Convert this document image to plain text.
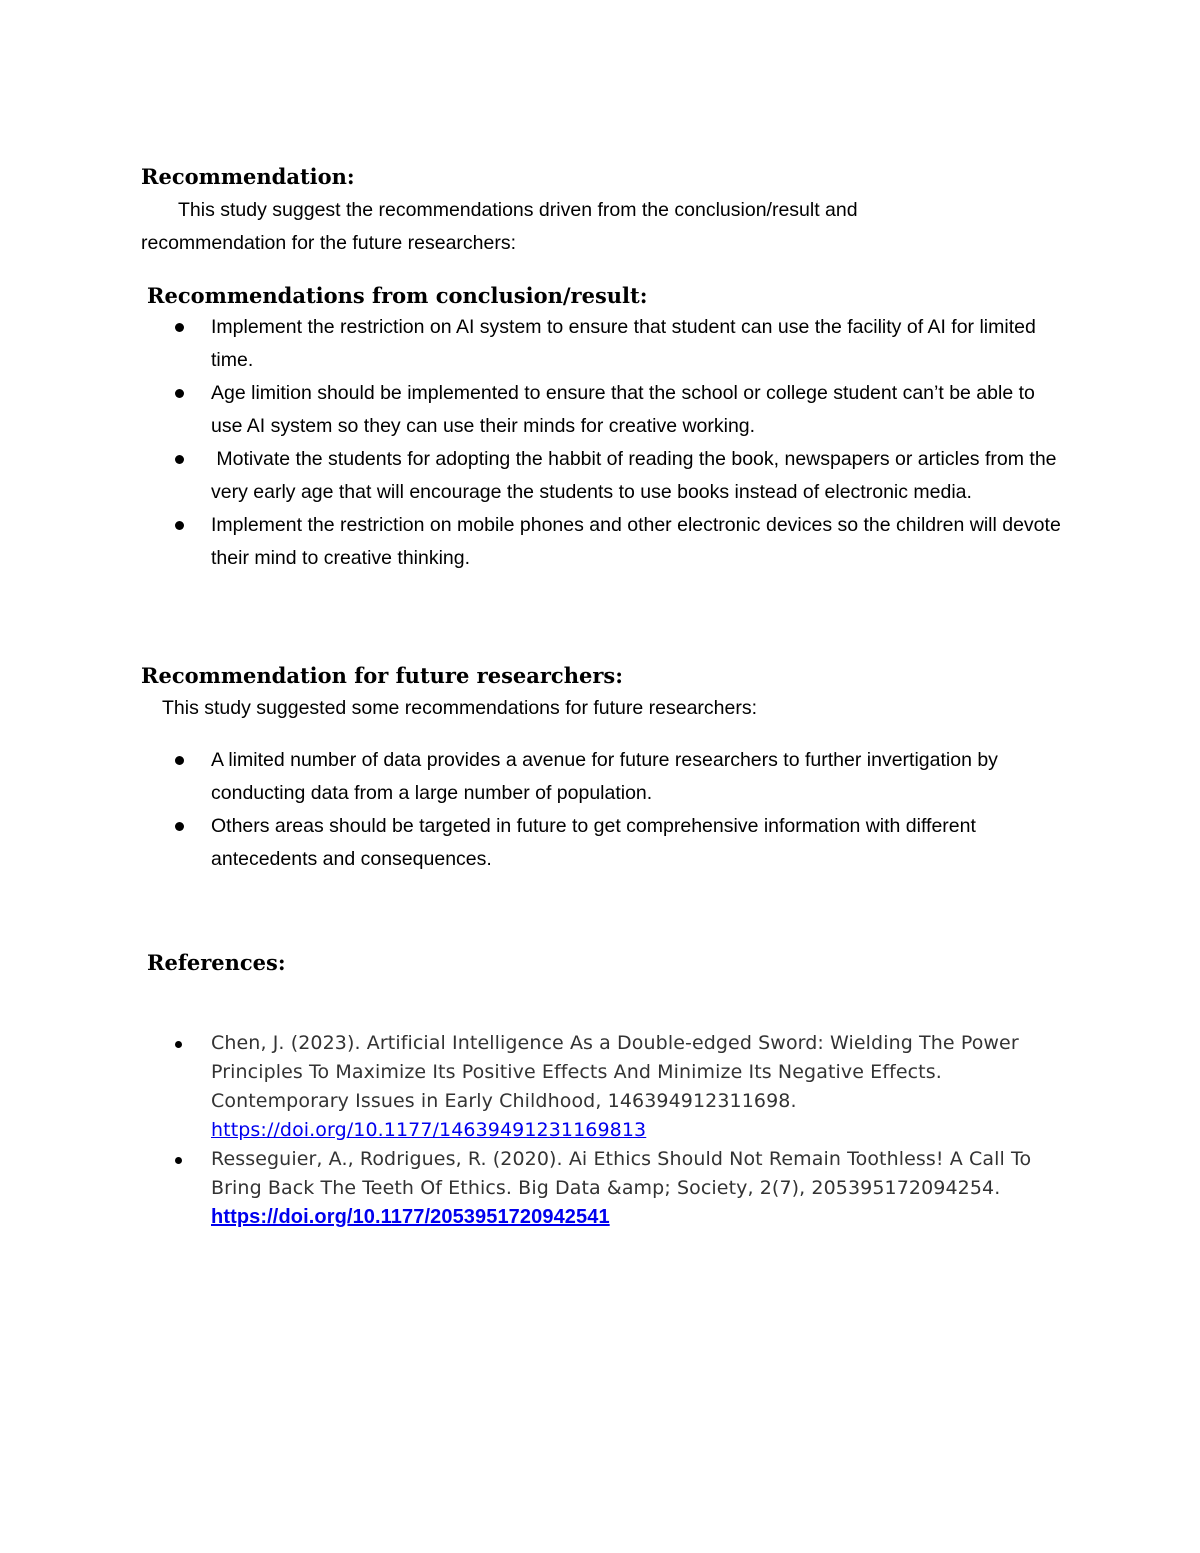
Recommendation:
This study suggest the recommendations driven from the conclusion/result and
recommendation for the future researchers:
Recommendations from conclusion/result:
Implement the restriction on AI system to ensure that student can use the facility of AI for limited time.
Age limition should be implemented to ensure that the school or college student can’t be able to use AI system so they can use their minds for creative working.
Motivate the students for adopting the habbit of reading the book, newspapers or articles from the very early age that will encourage the students to use books instead of electronic media.
Implement the restriction on mobile phones and other electronic devices so the children will devote their mind to creative thinking.
Recommendation for future researchers:
This study suggested some recommendations for future researchers:
A limited number of data provides a avenue for future researchers to further invertigation by conducting data from a large number of population.
Others areas should be targeted in future to get comprehensive information with different antecedents and consequences.
References:
Chen, J. (2023). Artificial Intelligence As a Double-edged Sword: Wielding The Power Principles To Maximize Its Positive Effects And Minimize Its Negative Effects. Contemporary Issues in Early Childhood, 146394912311698.
https://doi.org/10.1177/14639491231169813
Resseguier, A., Rodrigues, R. (2020). Ai Ethics Should Not Remain Toothless! A Call To Bring Back The Teeth Of Ethics. Big Data &amp; Society, 2(7), 205395172094254.
https://doi.org/10.1177/2053951720942541
